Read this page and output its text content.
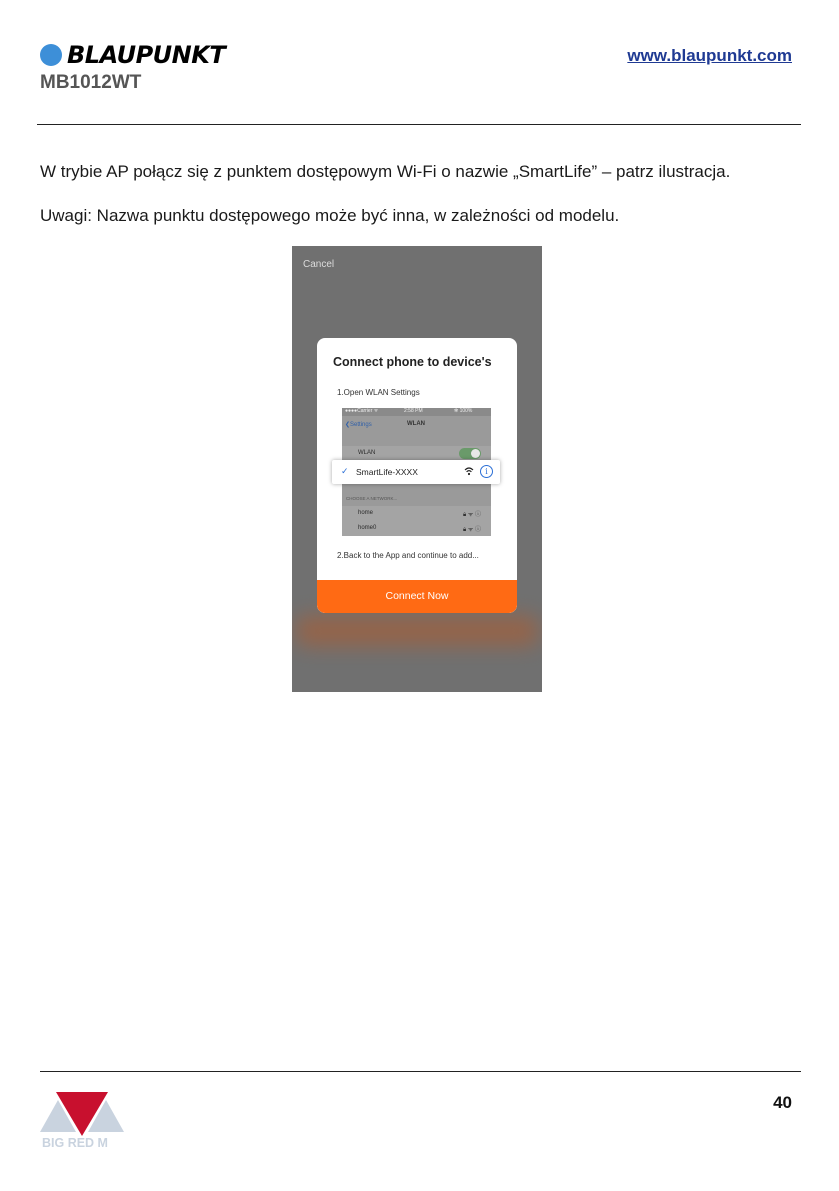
BLAUPUNKT
MB1012WT
www.blaupunkt.com
W trybie AP połącz się z punktem dostępowym Wi-Fi o nazwie „SmartLife” – patrz ilustracja.
Uwagi: Nazwa punktu dostępowego może być inna, w zależności od modelu.
Cancel
Connect phone to device's
1.Open WLAN Settings
●●●●Carrier ᯤ	2:58 PM	✻ 100%
❮Settings	WLAN
WLAN
CHOOSE A NETWORK...
home	🔒︎ ᯤ ⓘ
home0	🔒︎ ᯤ ⓘ
✓ SmartLife-XXXX	i
2.Back to the App and continue to add...
Connect Now
BIG RED M
40
